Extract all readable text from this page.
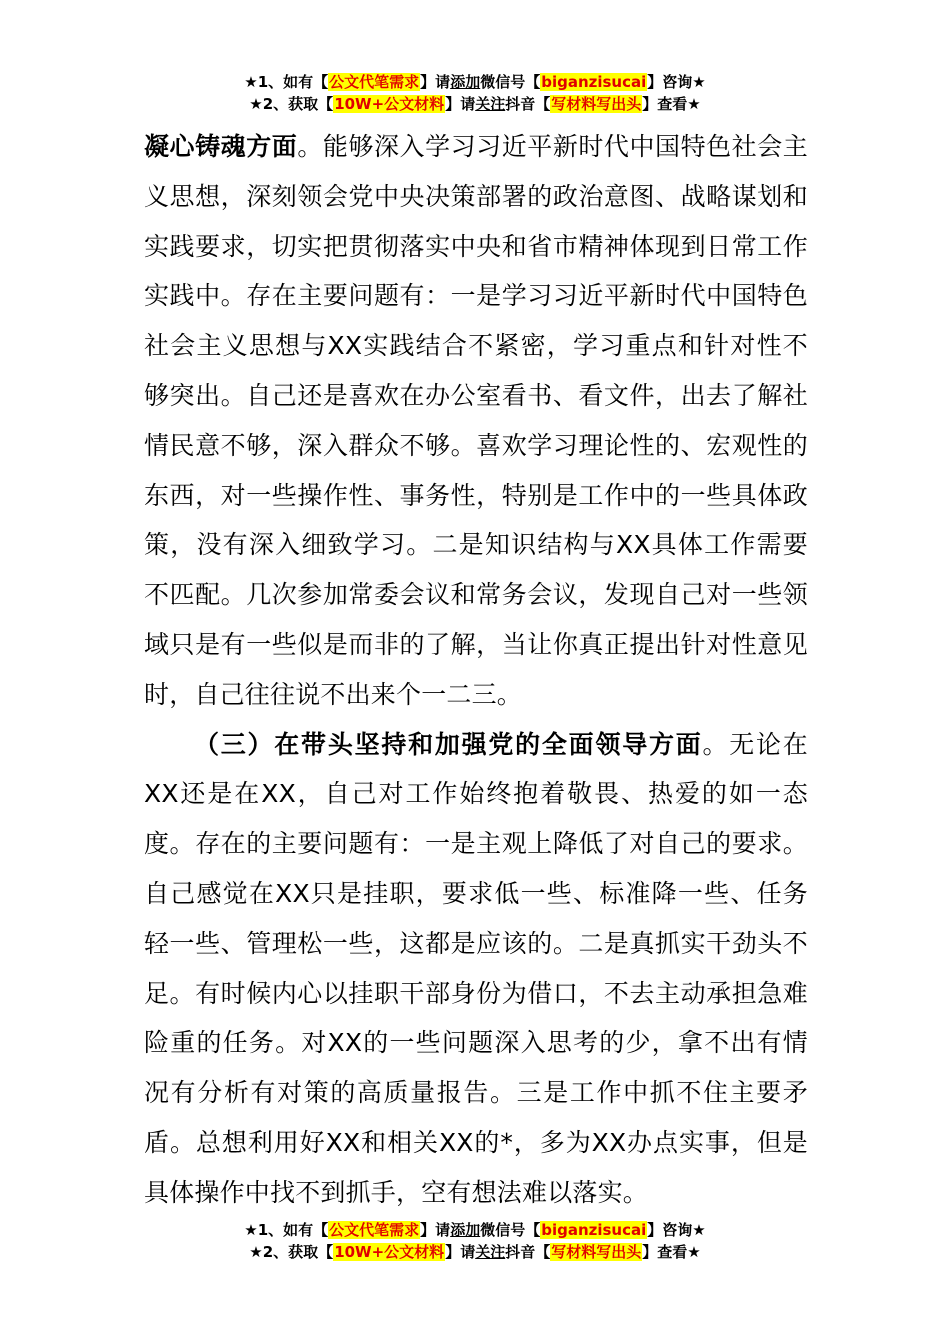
★1、如有【公文代笔需求】请添加微信号【biganzisucai】咨询★
★2、获取【10W+公文材料】请关注抖音【写材料写出头】查看★

凝心铸魂方面。能够深入学习习近平新时代中国特色社会主义思想，深刻领会党中央决策部署的政治意图、战略谋划和实践要求，切实把贯彻落实中央和省市精神体现到日常工作实践中。存在主要问题有：一是学习习近平新时代中国特色社会主义思想与XX实践结合不紧密，学习重点和针对性不够突出。自己还是喜欢在办公室看书、看文件，出去了解社情民意不够，深入群众不够。喜欢学习理论性的、宏观性的东西，对一些操作性、事务性，特别是工作中的一些具体政策，没有深入细致学习。二是知识结构与XX具体工作需要不匹配。几次参加常委会议和常务会议，发现自己对一些领域只是有一些似是而非的了解，当让你真正提出针对性意见时，自己往往说不出来个一二三。

（三）在带头坚持和加强党的全面领导方面。无论在XX还是在XX，自己对工作始终抱着敬畏、热爱的如一态度。存在的主要问题有：一是主观上降低了对自己的要求。自己感觉在XX只是挂职，要求低一些、标准降一些、任务轻一些、管理松一些，这都是应该的。二是真抓实干劲头不足。有时候内心以挂职干部身份为借口，不去主动承担急难险重的任务。对XX的一些问题深入思考的少，拿不出有情况有分析有对策的高质量报告。三是工作中抓不住主要矛盾。总想利用好XX和相关XX的*，多为XX办点实事，但是具体操作中找不到抓手，空有想法难以落实。

★1、如有【公文代笔需求】请添加微信号【biganzisucai】咨询★
★2、获取【10W+公文材料】请关注抖音【写材料写出头】查看★
